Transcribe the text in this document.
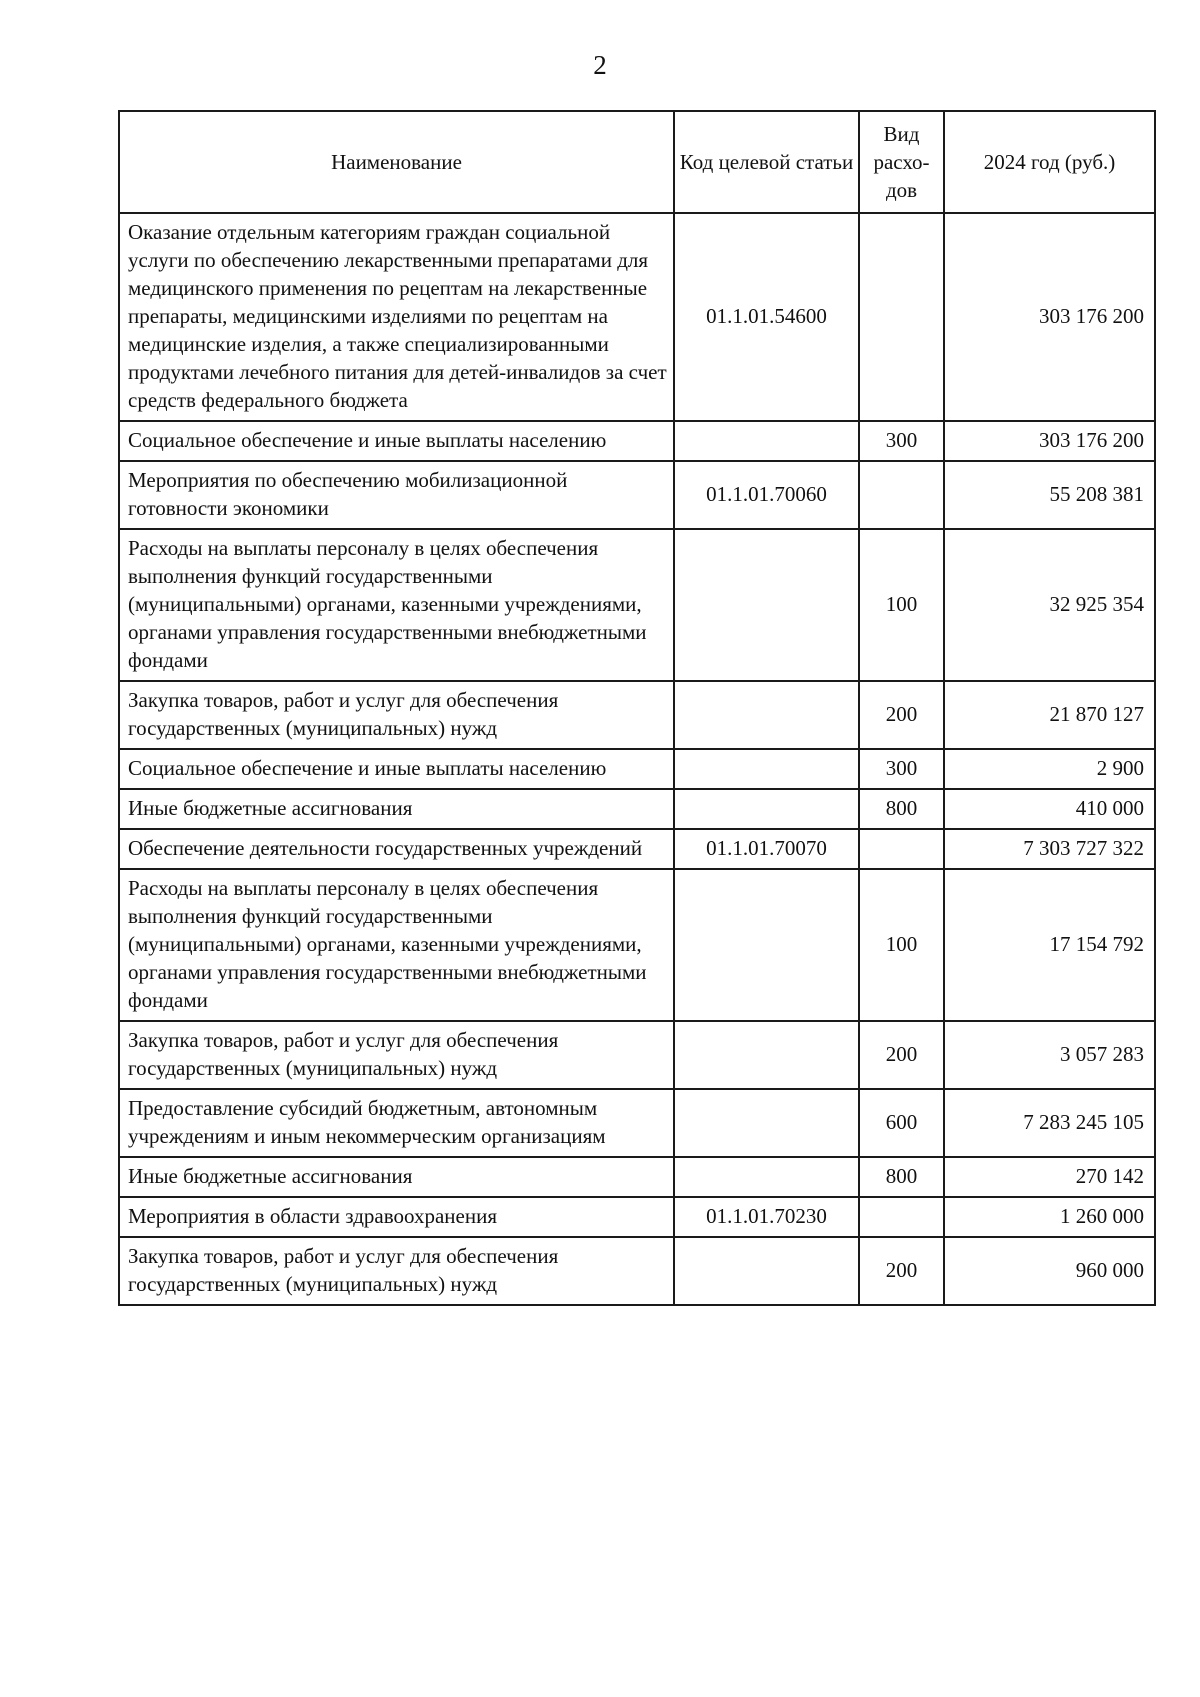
2
Наименование	Код целевой статьи	Вид расхо-дов	2024 год (руб.)
Оказание отдельным категориям граждан социальной услуги по обеспечению лекарственными препаратами для медицинского применения по рецептам на лекарственные препараты, медицинскими изделиями по рецептам на медицинские изделия, а также специализированными продуктами лечебного питания для детей-инвалидов за счет средств федерального бюджета	01.1.01.54600		303 176 200
Социальное обеспечение и иные выплаты населению		300	303 176 200
Мероприятия по обеспечению мобилизационной готовности экономики	01.1.01.70060		55 208 381
Расходы на выплаты персоналу в целях обеспечения выполнения функций государственными (муниципальными) органами, казенными учреждениями, органами управления государственными внебюджетными фондами		100	32 925 354
Закупка товаров, работ и услуг для обеспечения государственных (муниципальных) нужд		200	21 870 127
Социальное обеспечение и иные выплаты населению		300	2 900
Иные бюджетные ассигнования		800	410 000
Обеспечение деятельности государственных учреждений	01.1.01.70070		7 303 727 322
Расходы на выплаты персоналу в целях обеспечения выполнения функций государственными (муниципальными) органами, казенными учреждениями, органами управления государственными внебюджетными фондами		100	17 154 792
Закупка товаров, работ и услуг для обеспечения государственных (муниципальных) нужд		200	3 057 283
Предоставление субсидий бюджетным, автономным учреждениям и иным некоммерческим организациям		600	7 283 245 105
Иные бюджетные ассигнования		800	270 142
Мероприятия в области здравоохранения	01.1.01.70230		1 260 000
Закупка товаров, работ и услуг для обеспечения государственных (муниципальных) нужд		200	960 000
